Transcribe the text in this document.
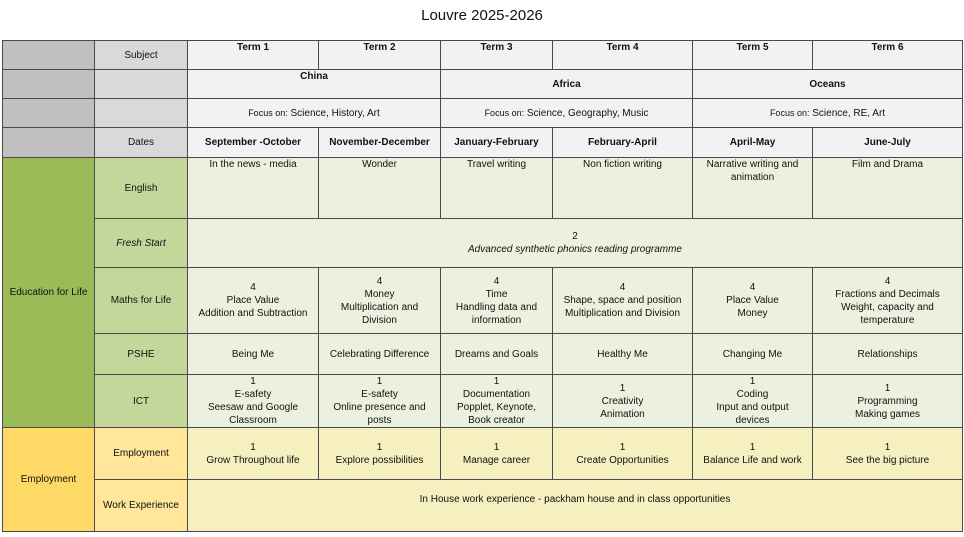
Louvre 2025-2026
	Subject	Term 1	Term 2	Term 3	Term 4	Term 5	Term 6
		China		Africa		Oceans	
		Focus on: Science, History, Art		Focus on: Science, Geography, Music		Focus on: Science, RE, Art	
	Dates	September -October	November-December	January-February	February-April	April-May	June-July
Education for Life	English	In the news - media	Wonder	Travel writing	Non fiction writing	Narrative writing and
animation	Film and Drama

	Fresh Start	2
Advanced synthetic phonics reading programme					

	Maths for Life	4
Place Value
Addition and Subtraction	4
Money
Multiplication and
Division	4
Time
Handling data and
information	4
Shape, space and position
Multiplication and Division	4
Place Value
Money	4
Fractions and Decimals
Weight, capacity and
temperature

	PSHE	Being Me	Celebrating Difference	Dreams and Goals	Healthy Me	Changing Me	Relationships

	ICT	1
E-safety
Seesaw and Google
Classroom	1
E-safety
Online presence and
posts	1
Documentation
Popplet, Keynote,
Book creator	1
Creativity
Animation	1
Coding
Input and output
devices	1
Programming
Making games

Employment	Employment	1
Grow Throughout life	1
Explore possibilities	1
Manage career	1
Create Opportunities	1
Balance Life and work	1
See the big picture

	Work Experience	In House work experience - packham house and in class opportunities					
